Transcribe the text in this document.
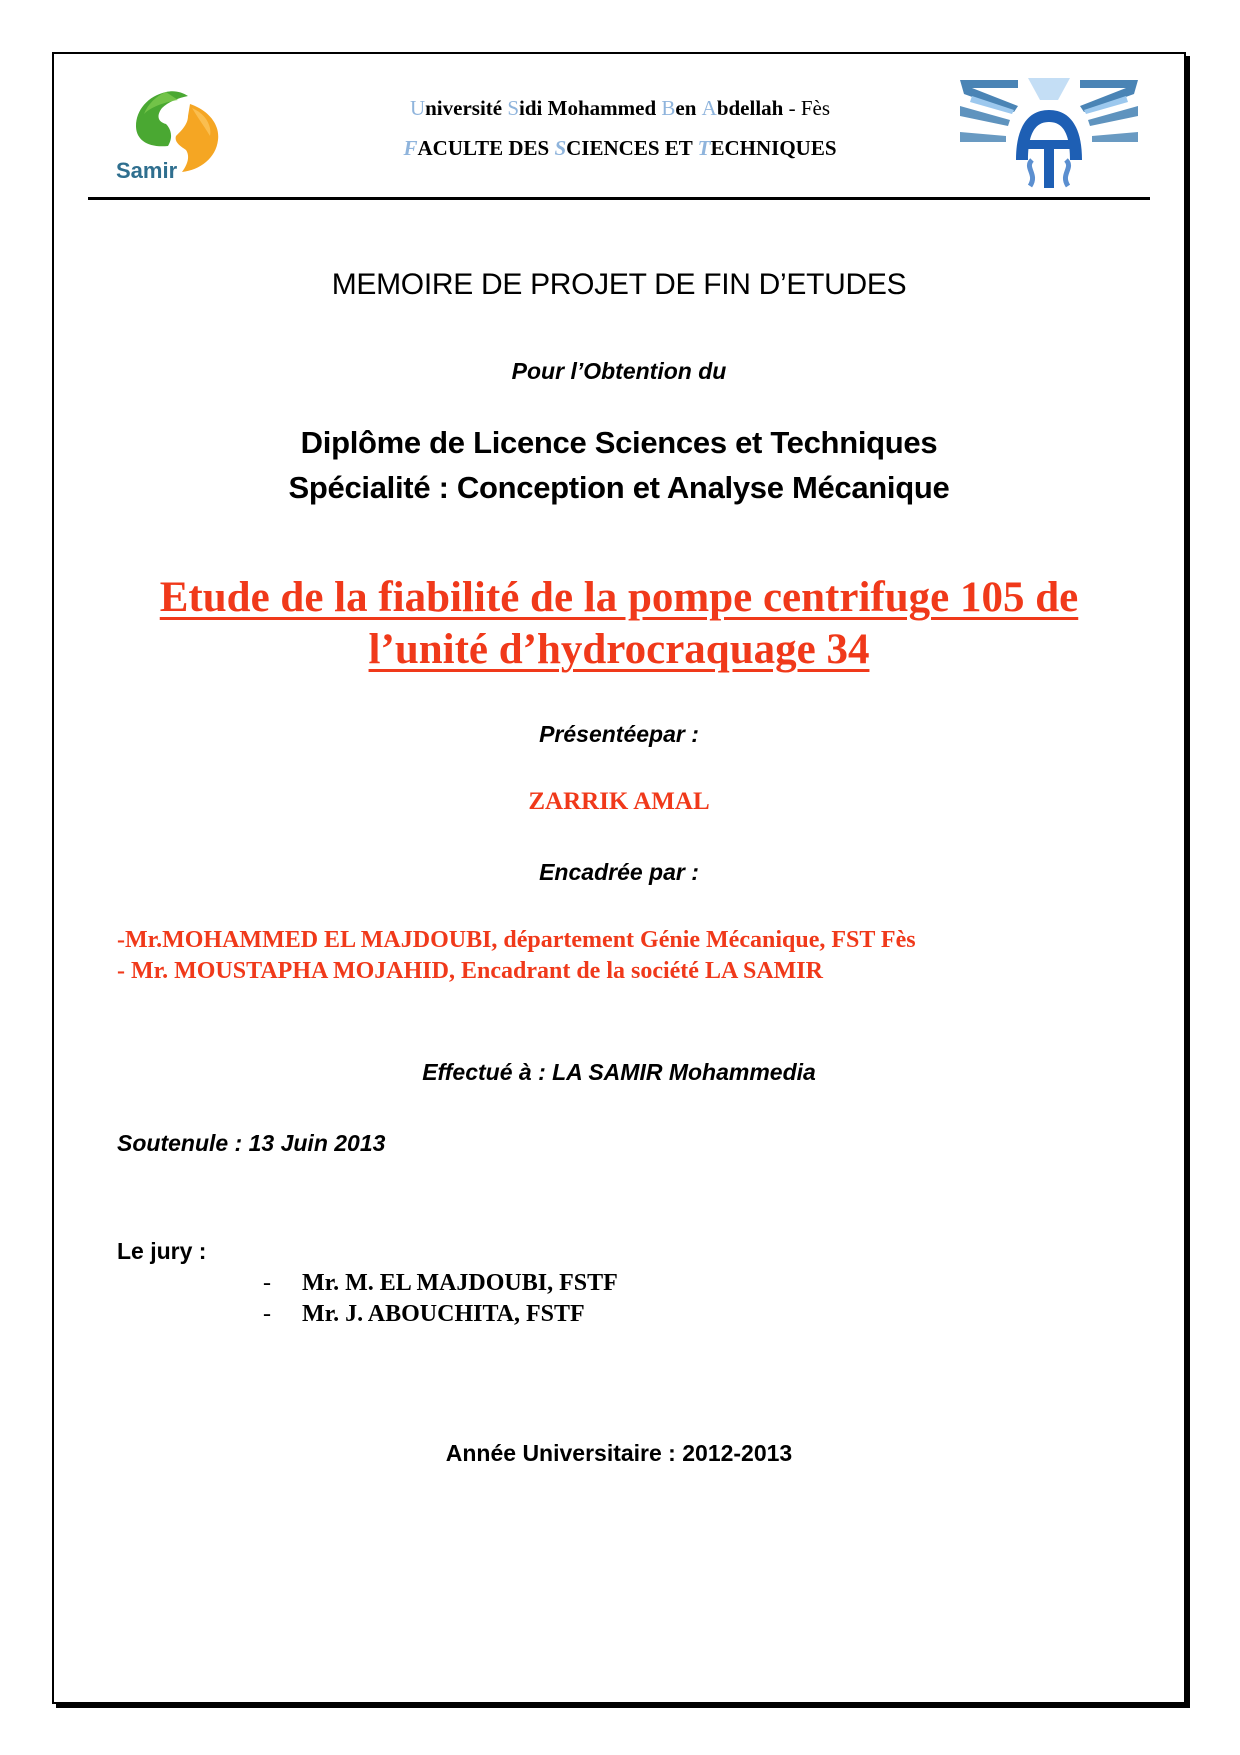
Samir
Université Sidi Mohammed Ben Abdellah - Fès
FACULTE DES SCIENCES ET TECHNIQUES
MEMOIRE DE PROJET DE FIN D’ETUDES
Pour l’Obtention du
Diplôme de Licence Sciences et Techniques
Spécialité : Conception et Analyse Mécanique
Etude de la fiabilité de la pompe centrifuge 105 de
l’unité d’hydrocraquage 34
Présentéepar :
ZARRIK AMAL
Encadrée par :
-Mr.MOHAMMED EL MAJDOUBI, département Génie Mécanique, FST Fès
- Mr. MOUSTAPHA MOJAHID, Encadrant de la société LA SAMIR
Effectué à : LA SAMIR Mohammedia
Soutenule : 13 Juin 2013
Le jury :
- Mr. M. EL MAJDOUBI, FSTF
- Mr. J. ABOUCHITA, FSTF
Année Universitaire : 2012-2013
